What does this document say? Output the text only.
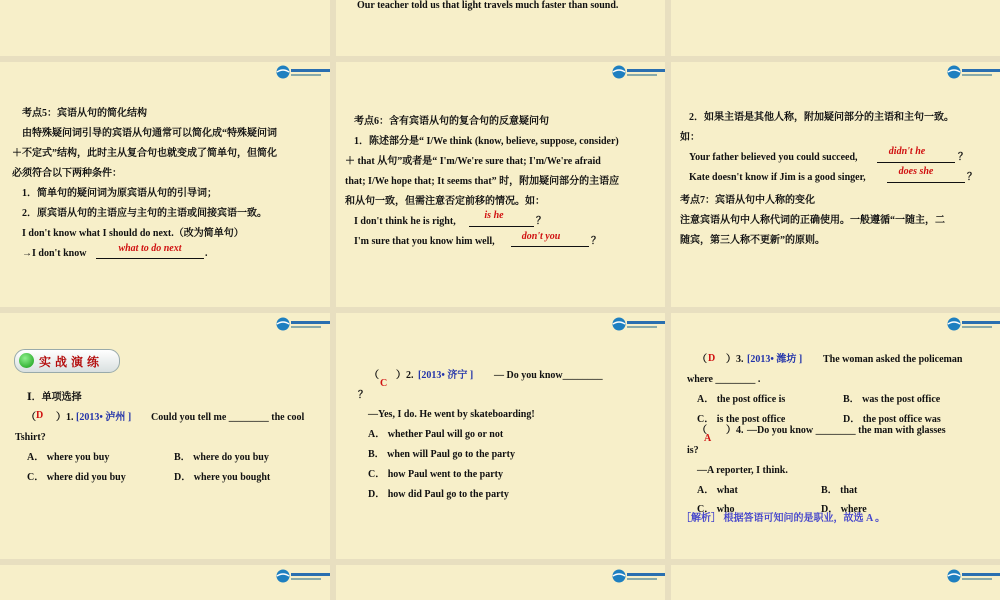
Our teacher told us that light travels much faster than sound.
考点5：宾语从句的简化结构
由特殊疑问词引导的宾语从句通常可以简化成“特殊疑问词
＋不定式”结构，此时主从复合句也就变成了简单句，但简化
必须符合以下两种条件：
1．简单句的疑问词为原宾语从句的引导词；
2．原宾语从句的主语应与主句的主语或间接宾语一致。
I don't know what I should do next.（改为简单句）
→I don't know	what to do next	.
考点6：含有宾语从句的复合句的反意疑问句
1．陈述部分是“ I/We think (know, believe, suppose, consider)
＋ that 从句”或者是“ I'm/We're sure that; I'm/We're afraid
that; I/We hope that; It seems that” 时，附加疑问部分的主语应
和从句一致，但需注意否定前移的情况。如：
I don't think he is right,
is he
？
I'm sure that you know him well,	don't you	？
2．如果主语是其他人称，附加疑问部分的主语和主句一致。
如：
Your father believed you could succeed,
didn't he
？
Kate doesn't know if Jim is a good singer,
does she
？
考点7：宾语从句中人称的变化
注意宾语从句中人称代词的正确使用。一般遵循“一随主，二
随宾，第三人称不更新”的原则。
实战演练
Ⅰ．单项选择
（ D ）1. [2013• 泸州 ] Could you tell me ________ the cool
Tshirt?
A． where you buy	B． where do you buy
C． where did you buy	D． where you bought
（
C
）2. [2013• 济宁 ] — Do you know________
？
—Yes, I do. He went by skateboarding!
A． whether Paul will go or not
B． when will Paul go to the party
C． how Paul went to the party
D． how did Paul go to the party
（ D ）3. [2013• 潍坊 ] The woman asked the policeman
where ________ .
A． the post office is	B． was the post office
C． is the post office	D． the post office was
（
A
）4. —Do you know ________ the man with glasses
is?
—A reporter, I think.
A． what	B． that
C． who	D． where
［解析］ 根据答语可知问的是职业，故选 A 。
